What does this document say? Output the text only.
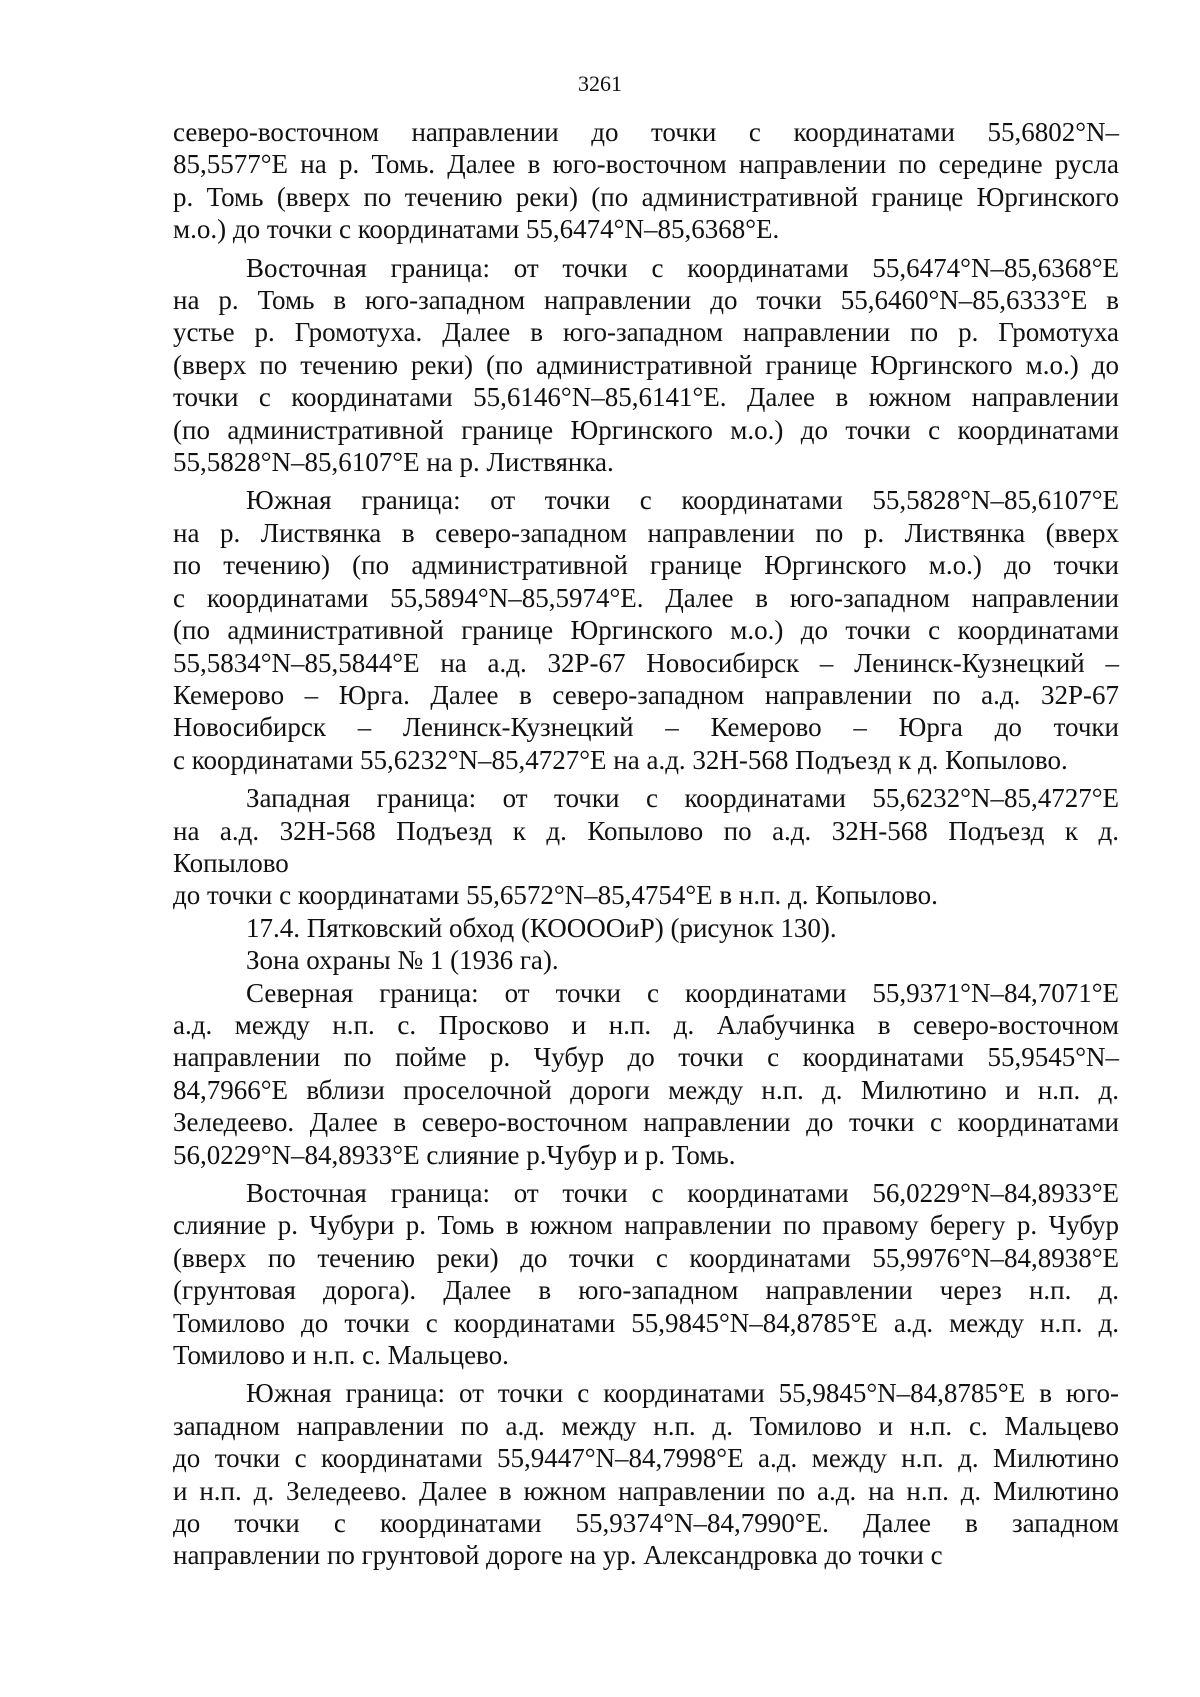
3261
северо-восточном направлении до точки с координатами 55,6802°N–
85,5577°E на р. Томь. Далее в юго-восточном направлении по середине русла
р. Томь (вверх по течению реки) (по административной границе Юргинского
м.о.) до точки с координатами 55,6474°N–85,6368°E.
Восточная граница: от точки с координатами 55,6474°N–85,6368°E
на р. Томь в юго-западном направлении до точки 55,6460°N–85,6333°E в
устье р. Громотуха. Далее в юго-западном направлении по р. Громотуха
(вверх по течению реки) (по административной границе Юргинского м.о.) до
точки с координатами 55,6146°N–85,6141°E. Далее в южном направлении
(по административной границе Юргинского м.о.) до точки с координатами
55,5828°N–85,6107°E на р. Листвянка.
Южная граница: от точки с координатами 55,5828°N–85,6107°E
на р. Листвянка в северо-западном направлении по р. Листвянка (вверх
по течению) (по административной границе Юргинского м.о.) до точки
с координатами 55,5894°N–85,5974°E. Далее в юго-западном направлении
(по административной границе Юргинского м.о.) до точки с координатами
55,5834°N–85,5844°E на а.д. 32Р-67 Новосибирск – Ленинск-Кузнецкий –
Кемерово – Юрга. Далее в северо-западном направлении по а.д. 32Р-67
Новосибирск – Ленинск-Кузнецкий – Кемерово – Юрга до точки
с координатами 55,6232°N–85,4727°E на а.д. 32Н-568 Подъезд к д. Копылово.
Западная граница: от точки с координатами 55,6232°N–85,4727°E
на а.д. 32Н-568 Подъезд к д. Копылово по а.д. 32Н-568 Подъезд к д.
Копылово
до точки с координатами 55,6572°N–85,4754°E в н.п. д. Копылово.
17.4. Пятковский обход (КОООOиР) (рисунок 130).
Зона охраны № 1 (1936 га).
Северная граница: от точки с координатами 55,9371°N–84,7071°E
а.д. между н.п. с. Просково и н.п. д. Алабучинка в северо-восточном
направлении по пойме р. Чубур до точки с координатами 55,9545°N–
84,7966°E вблизи проселочной дороги между н.п. д. Милютино и н.п. д.
Зеледеево. Далее в северо-восточном направлении до точки с координатами
56,0229°N–84,8933°E слияние р.Чубур и р. Томь.
Восточная граница: от точки с координатами 56,0229°N–84,8933°E
слияние р. Чубури р. Томь в южном направлении по правому берегу р. Чубур
(вверх по течению реки) до точки с координатами 55,9976°N–84,8938°E
(грунтовая дорога). Далее в юго-западном направлении через н.п. д.
Томилово до точки с координатами 55,9845°N–84,8785°E а.д. между н.п. д.
Томилово и н.п. с. Мальцево.
Южная граница: от точки с координатами 55,9845°N–84,8785°E в юго-
западном направлении по а.д. между н.п. д. Томилово и н.п. с. Мальцево
до точки с координатами 55,9447°N–84,7998°E а.д. между н.п. д. Милютино
и н.п. д. Зеледеево. Далее в южном направлении по а.д. на н.п. д. Милютино
до точки с координатами 55,9374°N–84,7990°E. Далее в западном
направлении по грунтовой дороге на ур. Александровка до точки с
